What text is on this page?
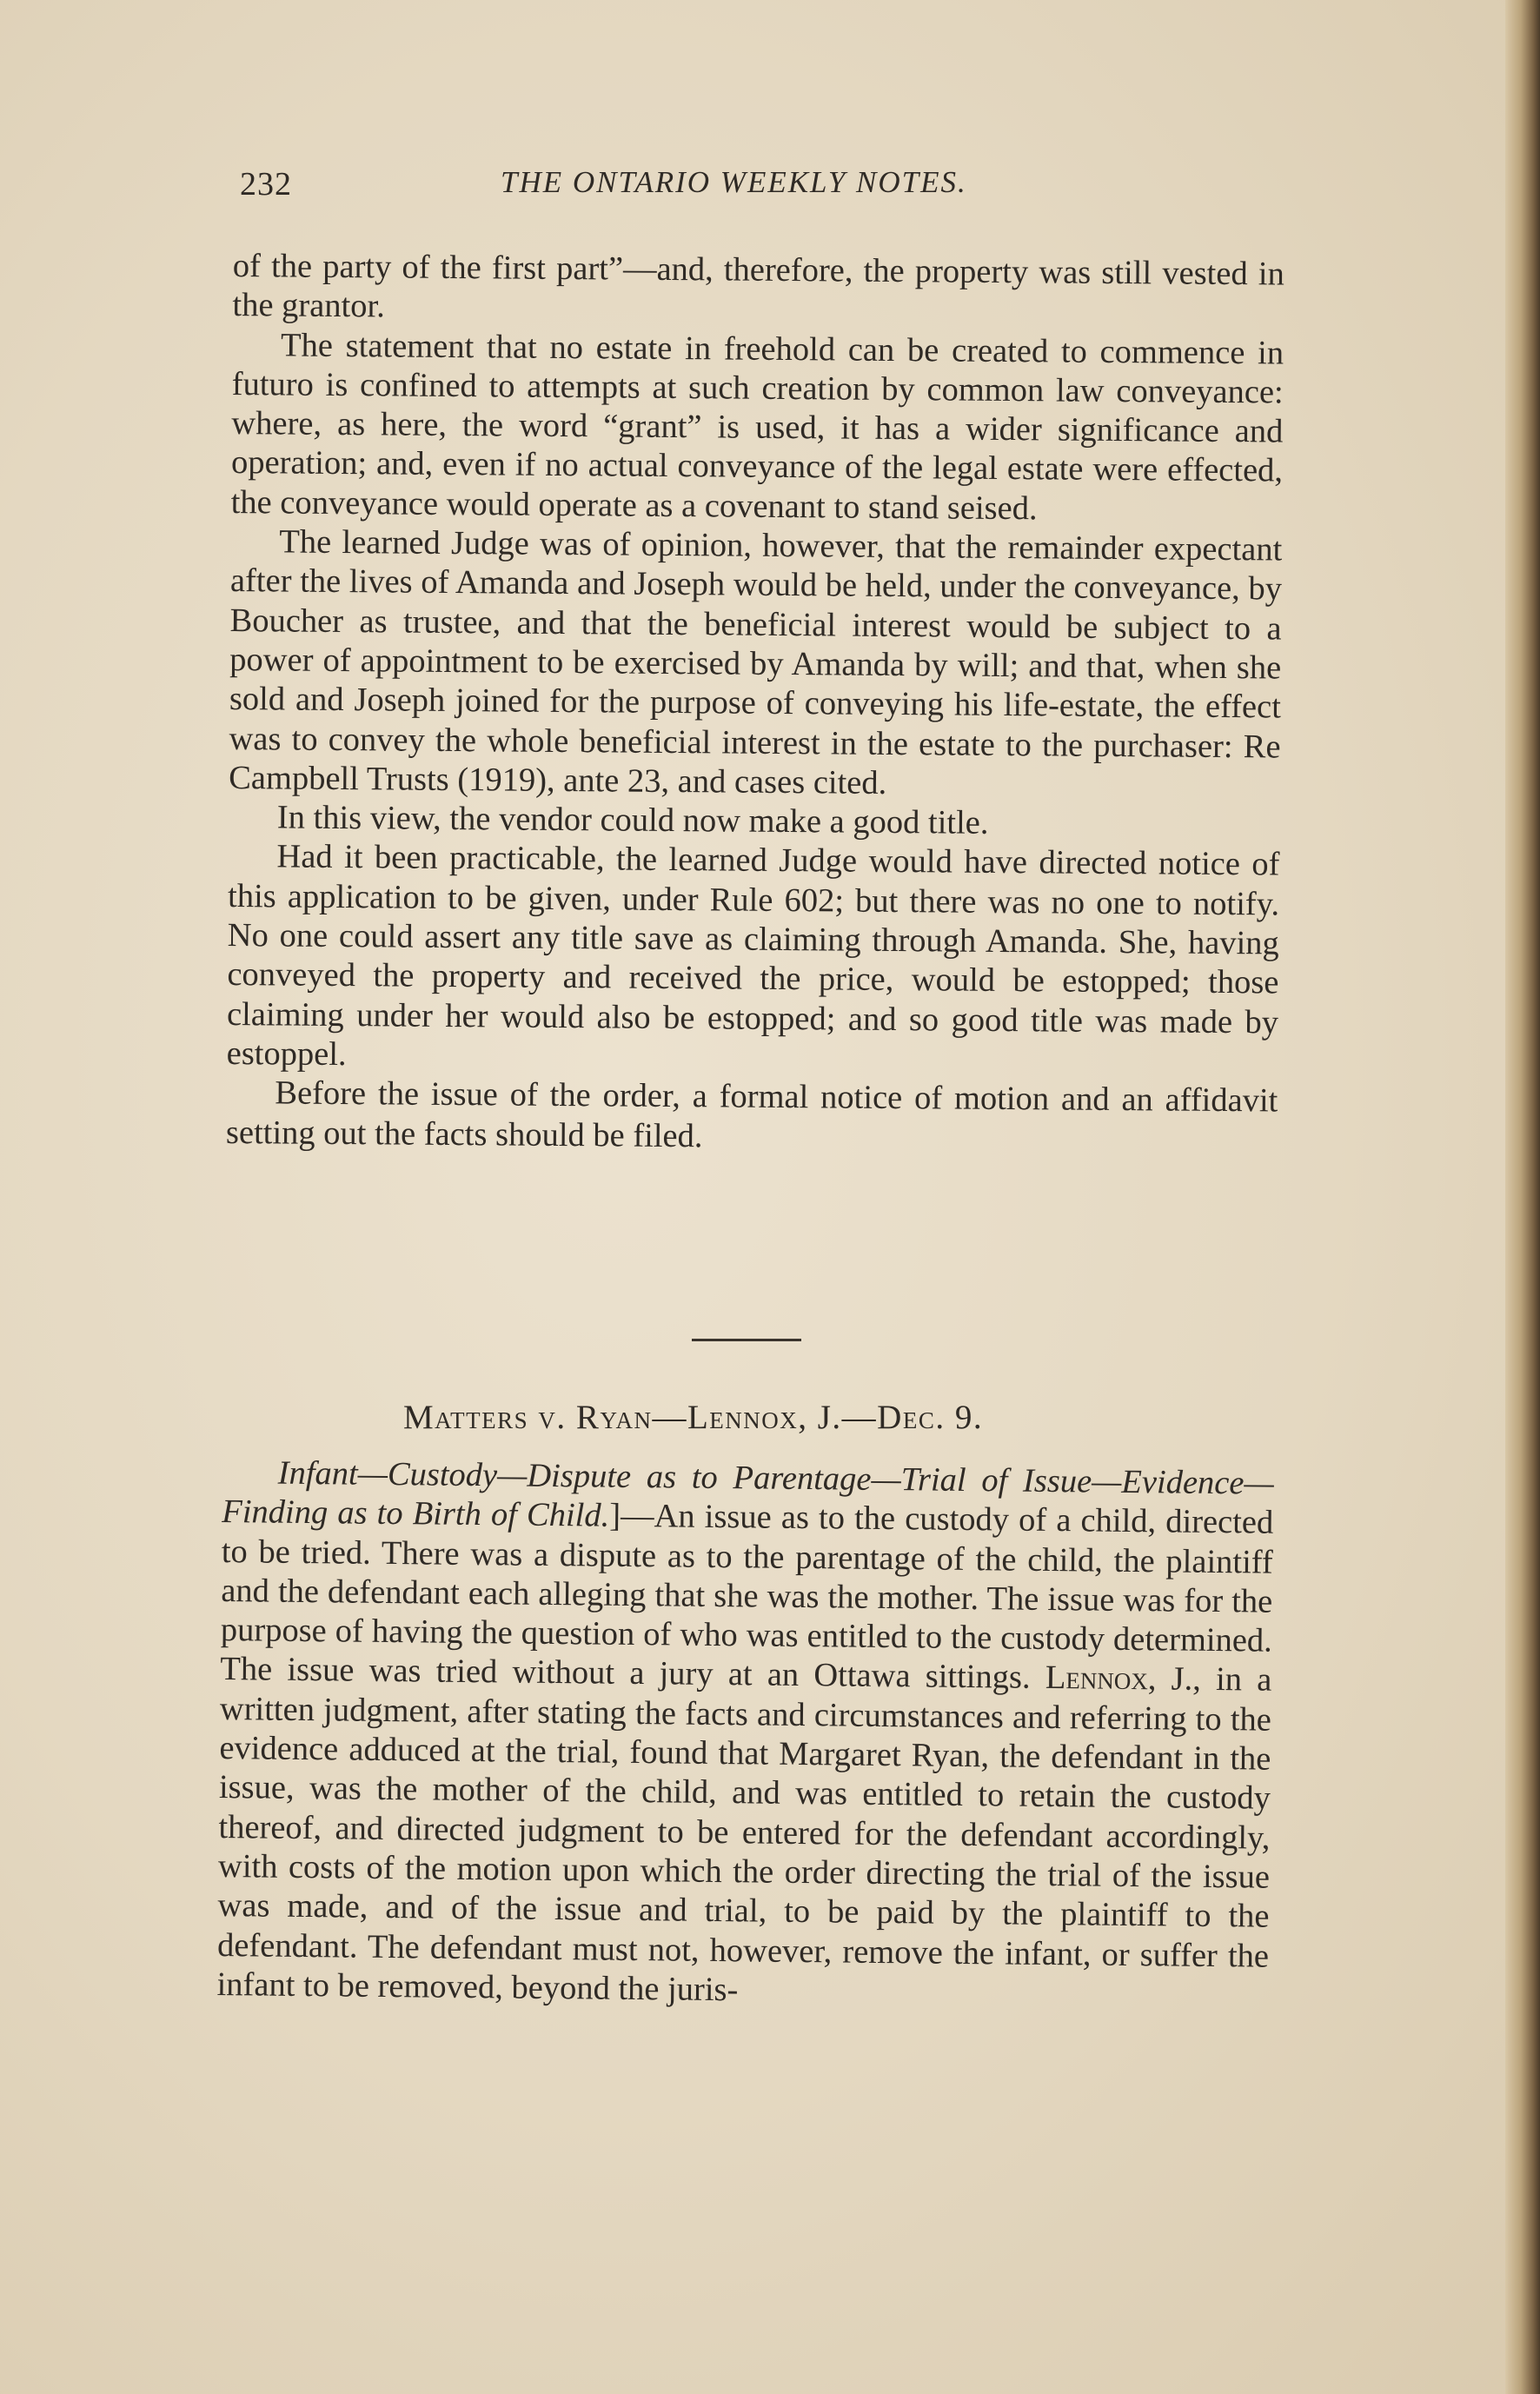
232	THE ONTARIO WEEKLY NOTES.

of the party of the first part”—and, therefore, the property was still vested in the grantor.

The statement that no estate in freehold can be created to commence in futuro is confined to attempts at such creation by common law conveyance: where, as here, the word “grant” is used, it has a wider significance and operation; and, even if no actual conveyance of the legal estate were effected, the conveyance would operate as a covenant to stand seised.

The learned Judge was of opinion, however, that the remainder expectant after the lives of Amanda and Joseph would be held, under the conveyance, by Boucher as trustee, and that the beneficial interest would be subject to a power of appointment to be exercised by Amanda by will; and that, when she sold and Joseph joined for the purpose of conveying his life-estate, the effect was to convey the whole beneficial interest in the estate to the purchaser: Re Campbell Trusts (1919), ante 23, and cases cited.

In this view, the vendor could now make a good title.

Had it been practicable, the learned Judge would have directed notice of this application to be given, under Rule 602; but there was no one to notify. No one could assert any title save as claiming through Amanda. She, having conveyed the property and received the price, would be estopped; those claiming under her would also be estopped; and so good title was made by estoppel.

Before the issue of the order, a formal notice of motion and an affidavit setting out the facts should be filed.

Matters v. Ryan—Lennox, J.—Dec. 9.

Infant—Custody—Dispute as to Parentage—Trial of Issue—Evidence—Finding as to Birth of Child.]—An issue as to the custody of a child, directed to be tried. There was a dispute as to the parentage of the child, the plaintiff and the defendant each alleging that she was the mother. The issue was for the purpose of having the question of who was entitled to the custody determined. The issue was tried without a jury at an Ottawa sittings. Lennox, J., in a written judgment, after stating the facts and circumstances and referring to the evidence adduced at the trial, found that Margaret Ryan, the defendant in the issue, was the mother of the child, and was entitled to retain the custody thereof, and directed judgment to be entered for the defendant accordingly, with costs of the motion upon which the order directing the trial of the issue was made, and of the issue and trial, to be paid by the plaintiff to the defendant. The defendant must not, however, remove the infant, or suffer the infant to be removed, beyond the juris-
